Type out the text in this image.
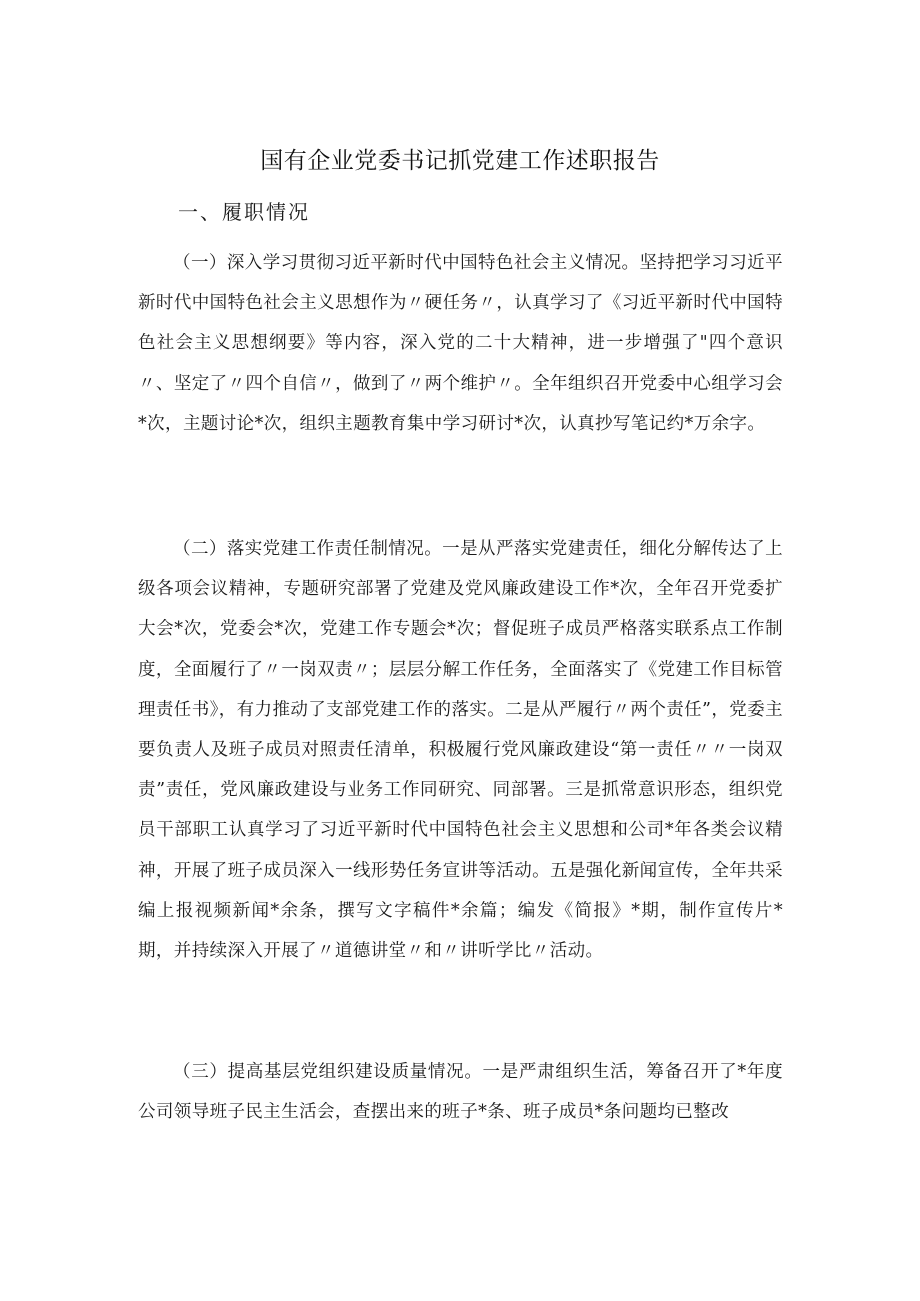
国有企业党委书记抓党建工作述职报告
一、履职情况

（一）深入学习贯彻习近平新时代中国特色社会主义情况。坚持把学习习近平新时代中国特色社会主义思想作为〃硬任务〃，认真学习了《习近平新时代中国特色社会主义思想纲要》等内容，深入党的二十大精神，进一步增强了"四个意识〃、坚定了〃四个自信〃，做到了〃两个维护〃。全年组织召开党委中心组学习会*次，主题讨论*次，组织主题教育集中学习研讨*次，认真抄写笔记约*万余字。

（二）落实党建工作责任制情况。一是从严落实党建责任，细化分解传达了上级各项会议精神，专题研究部署了党建及党风廉政建设工作*次，全年召开党委扩大会*次，党委会*次，党建工作专题会*次；督促班子成员严格落实联系点工作制度，全面履行了〃一岗双责〃；层层分解工作任务，全面落实了《党建工作目标管理责任书》，有力推动了支部党建工作的落实。二是从严履行〃两个责任”，党委主要负责人及班子成员对照责任清单，积极履行党风廉政建设“第一责任〃〃一岗双责”责任，党风廉政建设与业务工作同研究、同部署。三是抓常意识形态，组织党员干部职工认真学习了习近平新时代中国特色社会主义思想和公司*年各类会议精神，开展了班子成员深入一线形势任务宣讲等活动。五是强化新闻宣传，全年共采编上报视频新闻*余条，撰写文字稿件*余篇；编发《简报》*期，制作宣传片*期，并持续深入开展了〃道德讲堂〃和〃讲听学比〃活动。

（三）提高基层党组织建设质量情况。一是严肃组织生活，筹备召开了*年度公司领导班子民主生活会，查摆出来的班子*条、班子成员*条问题均已整改
